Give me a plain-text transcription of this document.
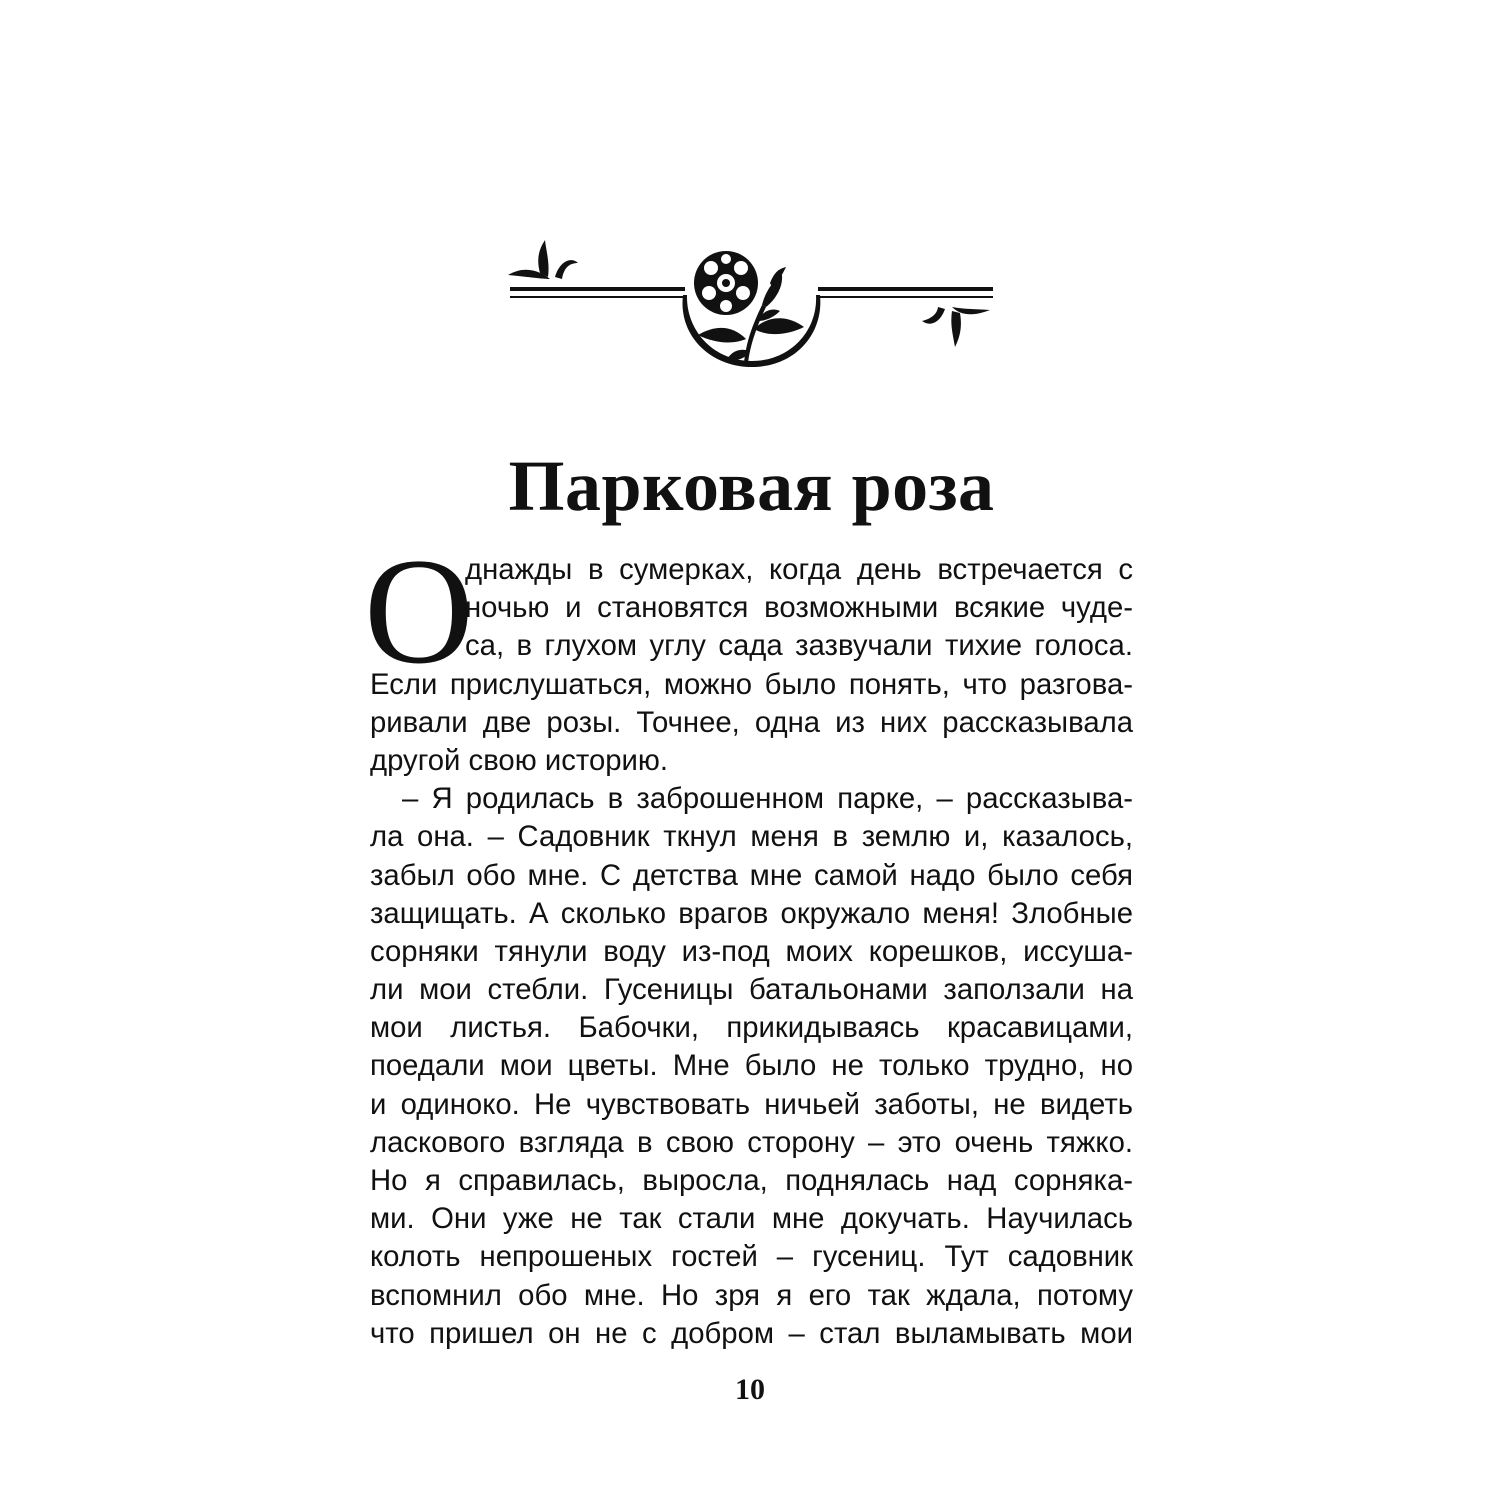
Парковая роза
О
днажды в сумерках, когда день встречается с
ночью и становятся возможными всякие чуде-
са, в глухом углу сада зазвучали тихие голоса.
Если прислушаться, можно было понять, что разгова-
ривали две розы. Точнее, одна из них рассказывала
другой свою историю.
– Я родилась в заброшенном парке, – рассказыва-
ла она. – Садовник ткнул меня в землю и, казалось,
забыл обо мне. С детства мне самой надо было себя
защищать. А сколько врагов окружало меня! Злобные
сорняки тянули воду из-под моих корешков, иссуша-
ли мои стебли. Гусеницы батальонами заползали на
мои листья. Бабочки, прикидываясь красавицами,
поедали мои цветы. Мне было не только трудно, но
и одиноко. Не чувствовать ничьей заботы, не видеть
ласкового взгляда в свою сторону – это очень тяжко.
Но я справилась, выросла, поднялась над сорняка-
ми. Они уже не так стали мне докучать. Научилась
колоть непрошеных гостей – гусениц. Тут садовник
вспомнил обо мне. Но зря я его так ждала, потому
что пришел он не с добром – стал выламывать мои
10
